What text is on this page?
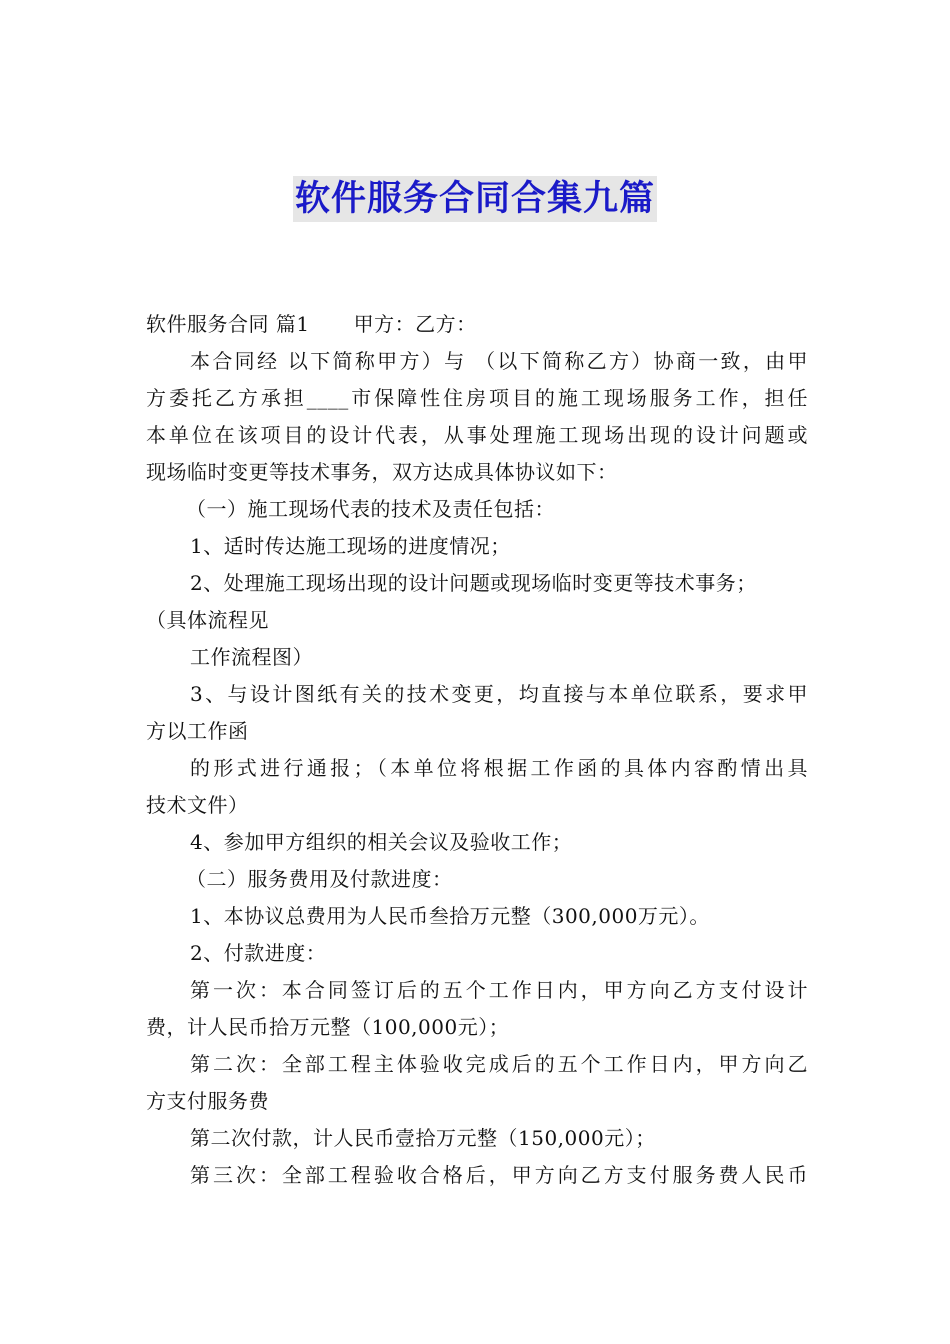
软件服务合同合集九篇
软件服务合同 篇1 甲方：乙方：
本合同经 以下简称甲方）与 （以下简称乙方）协商一致，由甲
方委托乙方承担____市保障性住房项目的施工现场服务工作，担任
本单位在该项目的设计代表，从事处理施工现场出现的设计问题或
现场临时变更等技术事务，双方达成具体协议如下：
（一）施工现场代表的技术及责任包括：
1、适时传达施工现场的进度情况；
2、处理施工现场出现的设计问题或现场临时变更等技术事务；
（具体流程见
工作流程图）
3、与设计图纸有关的技术变更，均直接与本单位联系，要求甲
方以工作函
的形式进行通报；（本单位将根据工作函的具体内容酌情出具
技术文件）
4、参加甲方组织的相关会议及验收工作；
（二）服务费用及付款进度：
1、本协议总费用为人民币叁拾万元整（300,000万元）。
2、付款进度：
第一次：本合同签订后的五个工作日内，甲方向乙方支付设计
费，计人民币拾万元整（100,000元）；
第二次：全部工程主体验收完成后的五个工作日内，甲方向乙
方支付服务费
第二次付款，计人民币壹拾万元整（150,000元）；
第三次：全部工程验收合格后，甲方向乙方支付服务费人民币
